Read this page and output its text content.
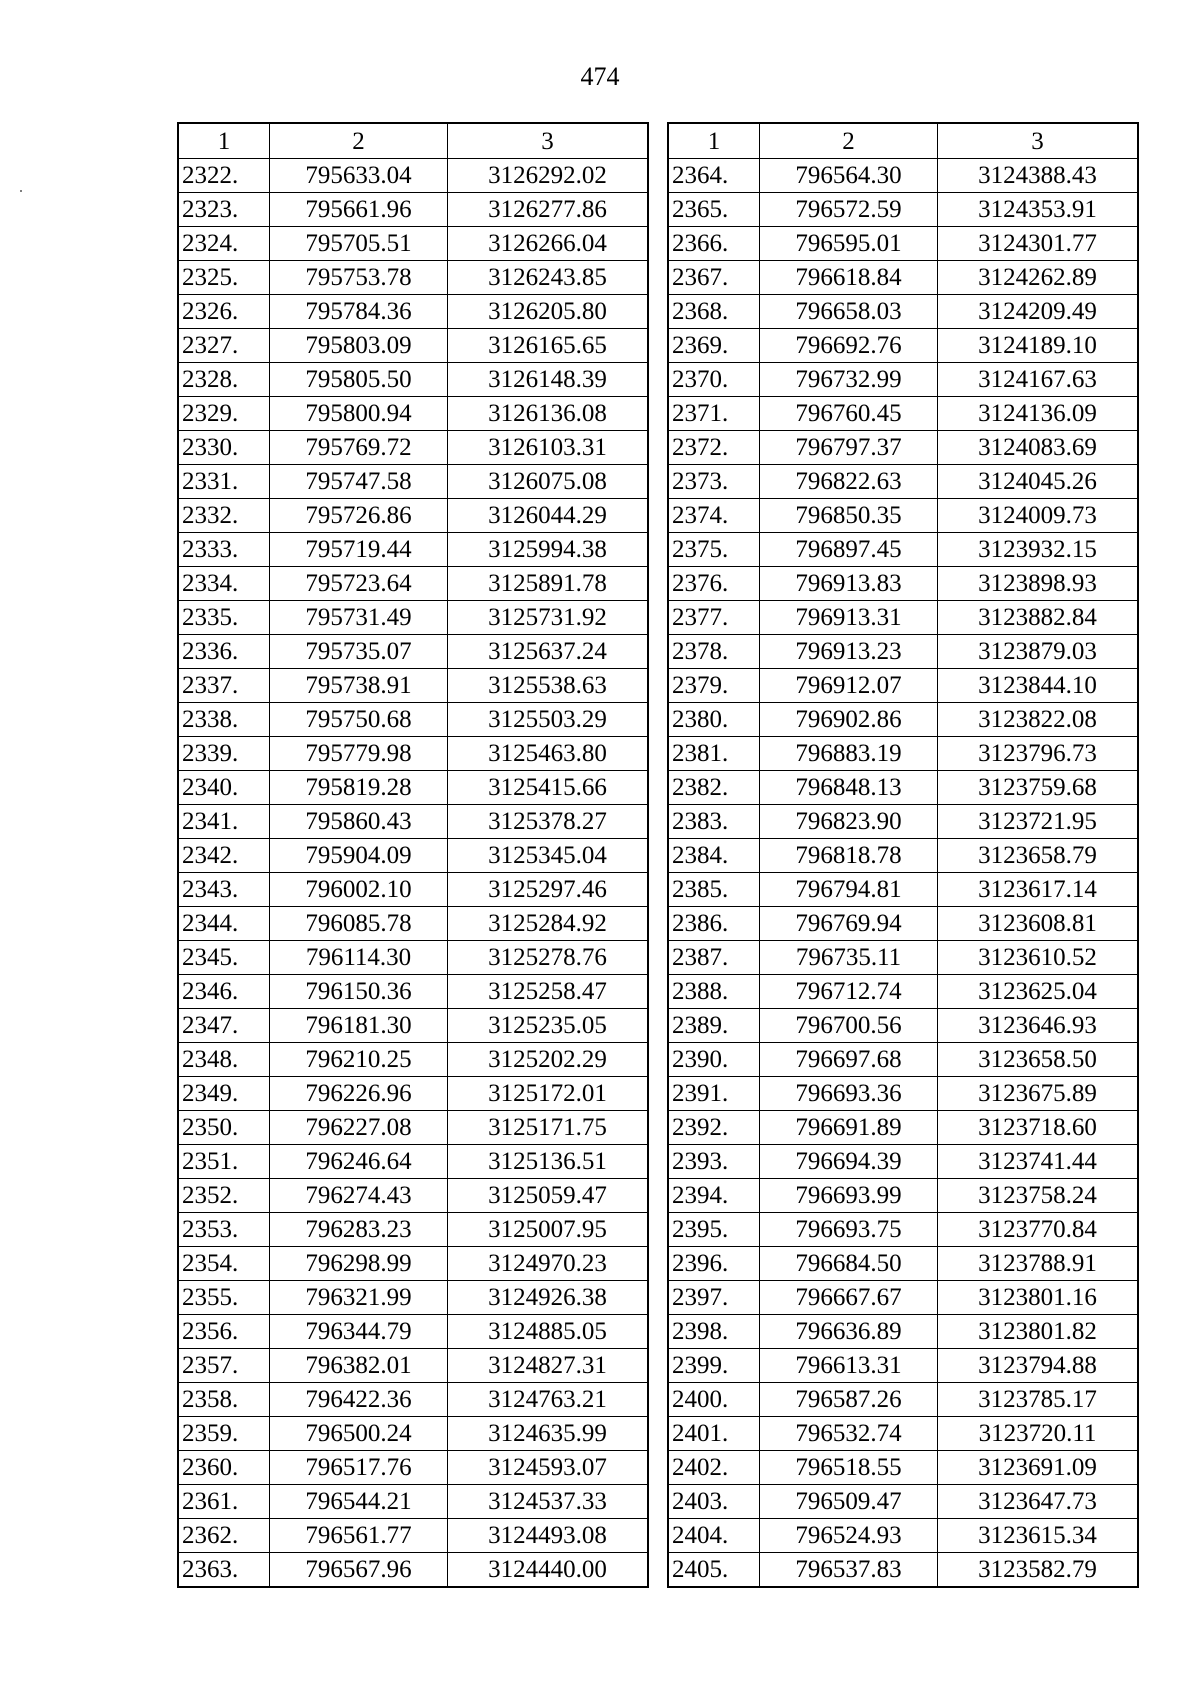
474
1	2	3
2322.	795633.04	3126292.02
2323.	795661.96	3126277.86
2324.	795705.51	3126266.04
2325.	795753.78	3126243.85
2326.	795784.36	3126205.80
2327.	795803.09	3126165.65
2328.	795805.50	3126148.39
2329.	795800.94	3126136.08
2330.	795769.72	3126103.31
2331.	795747.58	3126075.08
2332.	795726.86	3126044.29
2333.	795719.44	3125994.38
2334.	795723.64	3125891.78
2335.	795731.49	3125731.92
2336.	795735.07	3125637.24
2337.	795738.91	3125538.63
2338.	795750.68	3125503.29
2339.	795779.98	3125463.80
2340.	795819.28	3125415.66
2341.	795860.43	3125378.27
2342.	795904.09	3125345.04
2343.	796002.10	3125297.46
2344.	796085.78	3125284.92
2345.	796114.30	3125278.76
2346.	796150.36	3125258.47
2347.	796181.30	3125235.05
2348.	796210.25	3125202.29
2349.	796226.96	3125172.01
2350.	796227.08	3125171.75
2351.	796246.64	3125136.51
2352.	796274.43	3125059.47
2353.	796283.23	3125007.95
2354.	796298.99	3124970.23
2355.	796321.99	3124926.38
2356.	796344.79	3124885.05
2357.	796382.01	3124827.31
2358.	796422.36	3124763.21
2359.	796500.24	3124635.99
2360.	796517.76	3124593.07
2361.	796544.21	3124537.33
2362.	796561.77	3124493.08
2363.	796567.96	3124440.00
1	2	3
2364.	796564.30	3124388.43
2365.	796572.59	3124353.91
2366.	796595.01	3124301.77
2367.	796618.84	3124262.89
2368.	796658.03	3124209.49
2369.	796692.76	3124189.10
2370.	796732.99	3124167.63
2371.	796760.45	3124136.09
2372.	796797.37	3124083.69
2373.	796822.63	3124045.26
2374.	796850.35	3124009.73
2375.	796897.45	3123932.15
2376.	796913.83	3123898.93
2377.	796913.31	3123882.84
2378.	796913.23	3123879.03
2379.	796912.07	3123844.10
2380.	796902.86	3123822.08
2381.	796883.19	3123796.73
2382.	796848.13	3123759.68
2383.	796823.90	3123721.95
2384.	796818.78	3123658.79
2385.	796794.81	3123617.14
2386.	796769.94	3123608.81
2387.	796735.11	3123610.52
2388.	796712.74	3123625.04
2389.	796700.56	3123646.93
2390.	796697.68	3123658.50
2391.	796693.36	3123675.89
2392.	796691.89	3123718.60
2393.	796694.39	3123741.44
2394.	796693.99	3123758.24
2395.	796693.75	3123770.84
2396.	796684.50	3123788.91
2397.	796667.67	3123801.16
2398.	796636.89	3123801.82
2399.	796613.31	3123794.88
2400.	796587.26	3123785.17
2401.	796532.74	3123720.11
2402.	796518.55	3123691.09
2403.	796509.47	3123647.73
2404.	796524.93	3123615.34
2405.	796537.83	3123582.79
